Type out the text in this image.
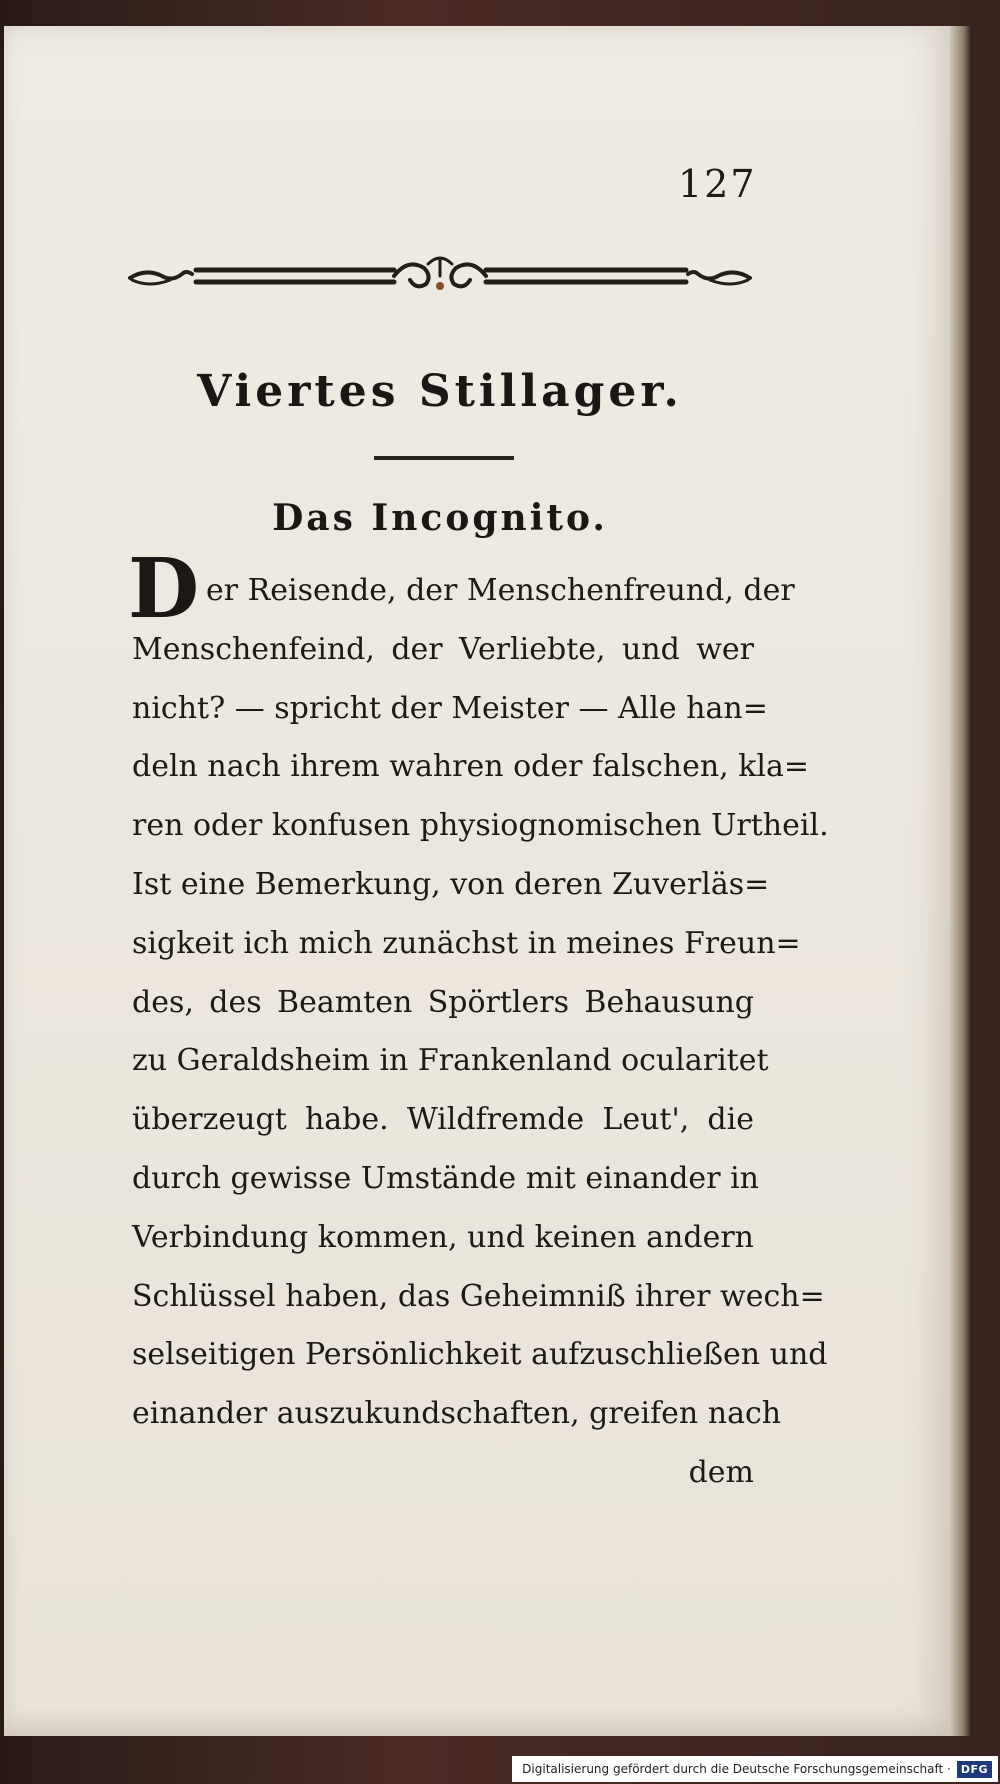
127
Viertes Stillager.
Das Incognito.
D er Reisende, der Menschenfreund, der
Menschenfeind, der Verliebte, und wer
nicht? — spricht der Meister — Alle han=
deln nach ihrem wahren oder falschen, kla=
ren oder konfusen physiognomischen Urtheil.
Ist eine Bemerkung, von deren Zuverläs=
sigkeit ich mich zunächst in meines Freun=
des, des Beamten Spörtlers Behausung
zu Geraldsheim in Frankenland ocularitet
überzeugt habe. Wildfremde Leut', die
durch gewisse Umstände mit einander in
Verbindung kommen, und keinen andern
Schlüssel haben, das Geheimniß ihrer wech=
selseitigen Persönlichkeit aufzuschließen und
einander auszukundschaften, greifen nach
dem
Digitalisierung gefördert durch die Deutsche Forschungsgemeinschaft · DFG
